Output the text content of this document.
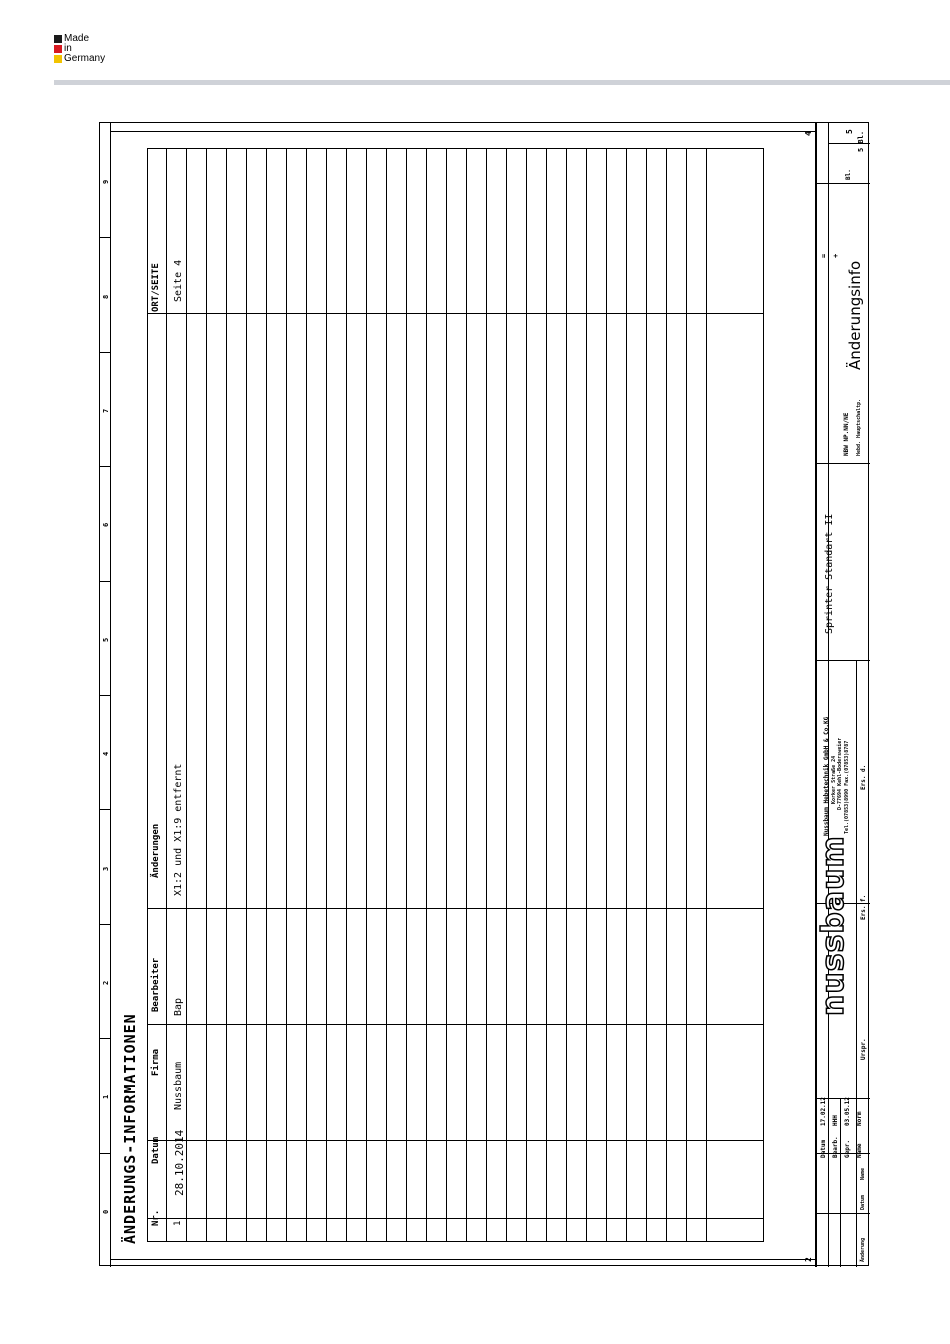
Made
in
Germany
0
1
2
3
4
5
6
7
8
9
ÄNDERUNGS-INFORMATIONEN
2
4
Nr.
Datum
Firma
Bearbeiter
Änderungen
ORT/SEITE
1
28.10.2014
Nussbaum
Bap
X1:2 und X1:9 entfernt
Seite 4
Datum
17.02.12
Bearb.
HHH
Gepr.
03.05.12
Name
Norm
Änderung
Datum
Name
Urspr.
Ers. f.
Ers. d.
nussbaum
Nussbaum Hebetechnik GmbH & Co.KG Korker Straße 24 D-77694 Kehl-Bodersweier Tel.(07853)8990 Fax.(07853)8787
Sprinter Standart II
= +
NBW NP.NN/NE Hebd. Hauptschaltp.
Änderungsinfo
Bl.
5 5 Bl.
